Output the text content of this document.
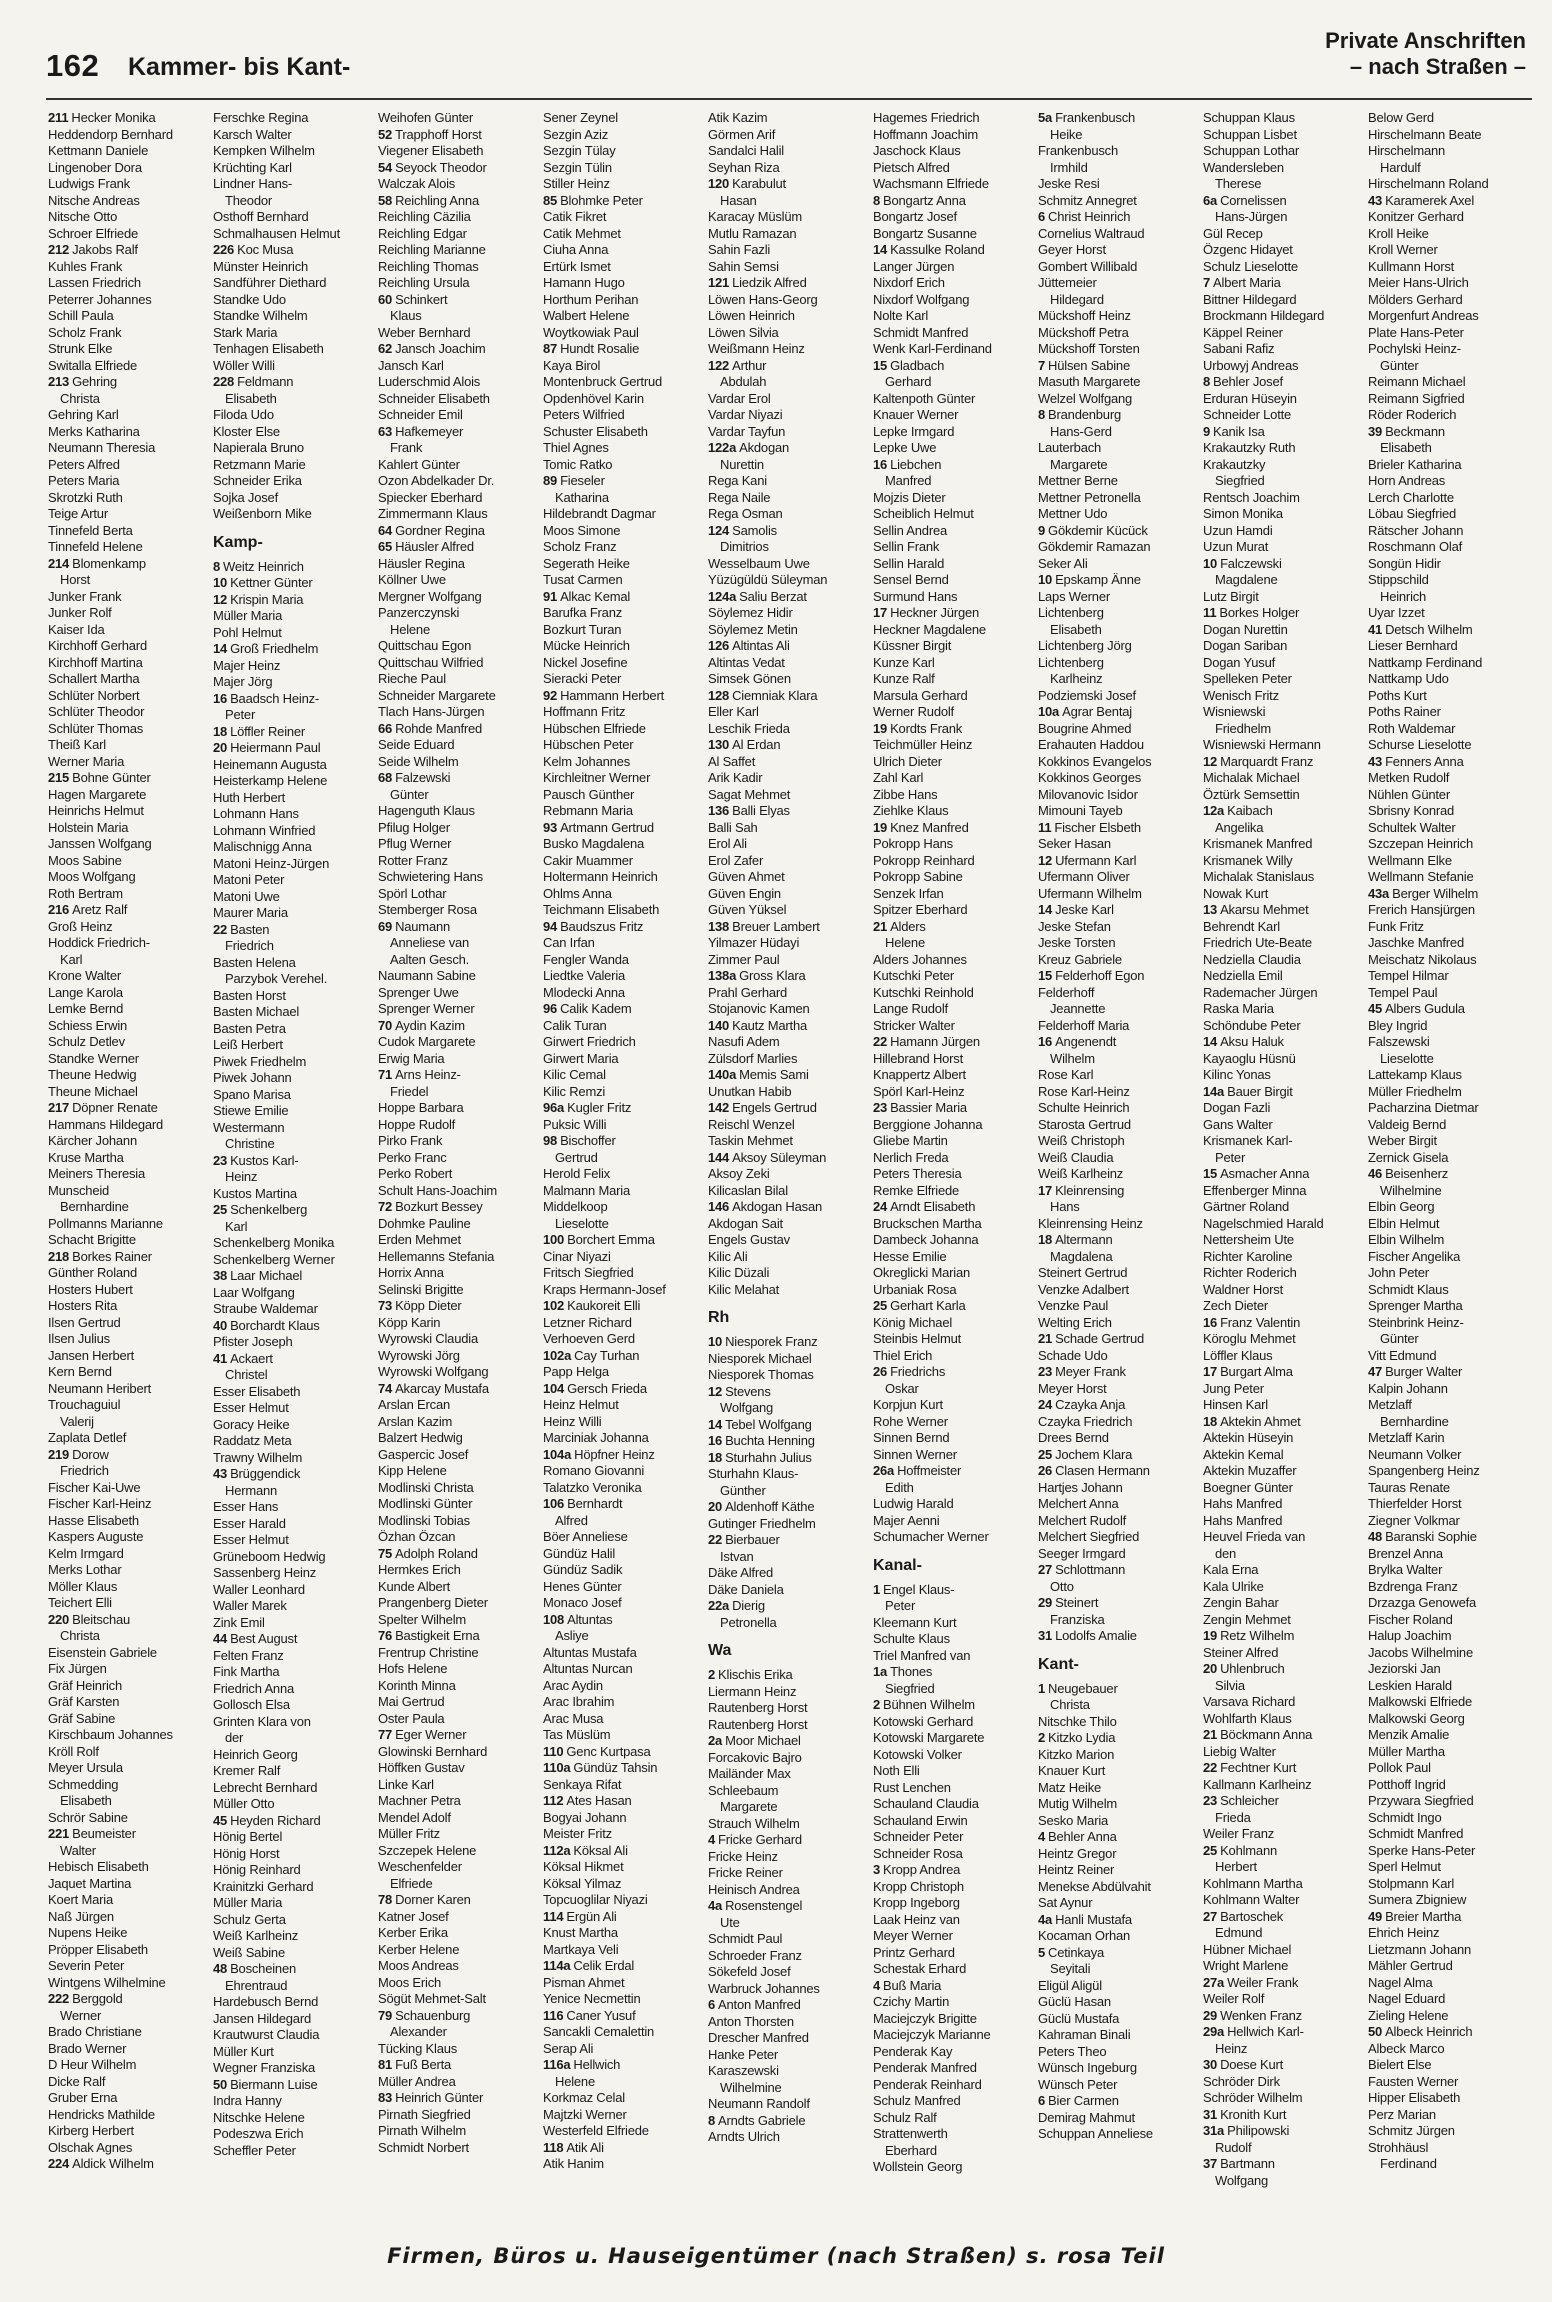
162 Kammer- bis Kant-
Private Anschriften
– nach Straßen –
211 Hecker Monika
Heddendorp Bernhard
Kettmann Daniele
Lingenober Dora
Ludwigs Frank
Nitsche Andreas
Nitsche Otto
Schroer Elfriede
212 Jakobs Ralf
Kuhles Frank
Lassen Friedrich
Peterrer Johannes
Schill Paula
Scholz Frank
Strunk Elke
Switalla Elfriede
213 Gehring
Christa
Gehring Karl
Merks Katharina
Neumann Theresia
Peters Alfred
Peters Maria
Skrotzki Ruth
Teige Artur
Tinnefeld Berta
Tinnefeld Helene
214 Blomenkamp
Horst
Junker Frank
Junker Rolf
Kaiser Ida
Kirchhoff Gerhard
Kirchhoff Martina
Schallert Martha
Schlüter Norbert
Schlüter Theodor
Schlüter Thomas
Theiß Karl
Werner Maria
215 Bohne Günter
Hagen Margarete
Heinrichs Helmut
Holstein Maria
Janssen Wolfgang
Moos Sabine
Moos Wolfgang
Roth Bertram
216 Aretz Ralf
Groß Heinz
Hoddick Friedrich-
Karl
Krone Walter
Lange Karola
Lemke Bernd
Schiess Erwin
Schulz Detlev
Standke Werner
Theune Hedwig
Theune Michael
217 Döpner Renate
Hammans Hildegard
Kärcher Johann
Kruse Martha
Meiners Theresia
Munscheid
Bernhardine
Pollmanns Marianne
Schacht Brigitte
218 Borkes Rainer
Günther Roland
Hosters Hubert
Hosters Rita
Ilsen Gertrud
Ilsen Julius
Jansen Herbert
Kern Bernd
Neumann Heribert
Trouchaguiul
Valerij
Zaplata Detlef
219 Dorow
Friedrich
Fischer Kai-Uwe
Fischer Karl-Heinz
Hasse Elisabeth
Kaspers Auguste
Kelm Irmgard
Merks Lothar
Möller Klaus
Teichert Elli
220 Bleitschau
Christa
Eisenstein Gabriele
Fix Jürgen
Gräf Heinrich
Gräf Karsten
Gräf Sabine
Kirschbaum Johannes
Kröll Rolf
Meyer Ursula
Schmedding
Elisabeth
Schrör Sabine
221 Beumeister
Walter
Hebisch Elisabeth
Jaquet Martina
Koert Maria
Naß Jürgen
Nupens Heike
Pröpper Elisabeth
Severin Peter
Wintgens Wilhelmine
222 Berggold
Werner
Brado Christiane
Brado Werner
D Heur Wilhelm
Dicke Ralf
Gruber Erna
Hendricks Mathilde
Kirberg Herbert
Olschak Agnes
224 Aldick Wilhelm
Ferschke Regina
Karsch Walter
Kempken Wilhelm
Krüchting Karl
Lindner Hans-
Theodor
Osthoff Bernhard
Schmalhausen Helmut
226 Koc Musa
Münster Heinrich
Sandführer Diethard
Standke Udo
Standke Wilhelm
Stark Maria
Tenhagen Elisabeth
Wöller Willi
228 Feldmann
Elisabeth
Filoda Udo
Kloster Else
Napierala Bruno
Retzmann Marie
Schneider Erika
Sojka Josef
Weißenborn Mike
Kamp-
8 Weitz Heinrich
10 Kettner Günter
12 Krispin Maria
Müller Maria
Pohl Helmut
14 Groß Friedhelm
Majer Heinz
Majer Jörg
16 Baadsch Heinz-
Peter
18 Löffler Reiner
20 Heiermann Paul
Heinemann Augusta
Heisterkamp Helene
Huth Herbert
Lohmann Hans
Lohmann Winfried
Malischnigg Anna
Matoni Heinz-Jürgen
Matoni Peter
Matoni Uwe
Maurer Maria
22 Basten
Friedrich
Basten Helena
Parzybok Verehel.
Basten Horst
Basten Michael
Basten Petra
Leiß Herbert
Piwek Friedhelm
Piwek Johann
Spano Marisa
Stiewe Emilie
Westermann
Christine
23 Kustos Karl-
Heinz
Kustos Martina
25 Schenkelberg
Karl
Schenkelberg Monika
Schenkelberg Werner
38 Laar Michael
Laar Wolfgang
Straube Waldemar
40 Borchardt Klaus
Pfister Joseph
41 Ackaert
Christel
Esser Elisabeth
Esser Helmut
Goracy Heike
Raddatz Meta
Trawny Wilhelm
43 Brüggendick
Hermann
Esser Hans
Esser Harald
Esser Helmut
Grüneboom Hedwig
Sassenberg Heinz
Waller Leonhard
Waller Marek
Zink Emil
44 Best August
Felten Franz
Fink Martha
Friedrich Anna
Gollosch Elsa
Grinten Klara von
der
Heinrich Georg
Kremer Ralf
Lebrecht Bernhard
Müller Otto
45 Heyden Richard
Hönig Bertel
Hönig Horst
Hönig Reinhard
Krainitzki Gerhard
Müller Maria
Schulz Gerta
Weiß Karlheinz
Weiß Sabine
48 Boscheinen
Ehrentraud
Hardebusch Bernd
Jansen Hildegard
Krautwurst Claudia
Müller Kurt
Wegner Franziska
50 Biermann Luise
Indra Hanny
Nitschke Helene
Podeszwa Erich
Scheffler Peter
Weihofen Günter
52 Trapphoff Horst
Viegener Elisabeth
54 Seyock Theodor
Walczak Alois
58 Reichling Anna
Reichling Cäzilia
Reichling Edgar
Reichling Marianne
Reichling Thomas
Reichling Ursula
60 Schinkert
Klaus
Weber Bernhard
62 Jansch Joachim
Jansch Karl
Luderschmid Alois
Schneider Elisabeth
Schneider Emil
63 Hafkemeyer
Frank
Kahlert Günter
Ozon Abdelkader Dr.
Spiecker Eberhard
Zimmermann Klaus
64 Gordner Regina
65 Häusler Alfred
Häusler Regina
Köllner Uwe
Mergner Wolfgang
Panzerczynski
Helene
Quittschau Egon
Quittschau Wilfried
Rieche Paul
Schneider Margarete
Tlach Hans-Jürgen
66 Rohde Manfred
Seide Eduard
Seide Wilhelm
68 Falzewski
Günter
Hagenguth Klaus
Pfilug Holger
Pflug Werner
Rotter Franz
Schwietering Hans
Spörl Lothar
Stemberger Rosa
69 Naumann
Anneliese van
Aalten Gesch.
Naumann Sabine
Sprenger Uwe
Sprenger Werner
70 Aydin Kazim
Cudok Margarete
Erwig Maria
71 Arns Heinz-
Friedel
Hoppe Barbara
Hoppe Rudolf
Pirko Frank
Perko Franc
Perko Robert
Schult Hans-Joachim
72 Bozkurt Bessey
Dohmke Pauline
Erden Mehmet
Hellemanns Stefania
Horrix Anna
Selinski Brigitte
73 Köpp Dieter
Köpp Karin
Wyrowski Claudia
Wyrowski Jörg
Wyrowski Wolfgang
74 Akarcay Mustafa
Arslan Ercan
Arslan Kazim
Balzert Hedwig
Gaspercic Josef
Kipp Helene
Modlinski Christa
Modlinski Günter
Modlinski Tobias
Özhan Özcan
75 Adolph Roland
Hermkes Erich
Kunde Albert
Prangenberg Dieter
Spelter Wilhelm
76 Bastigkeit Erna
Frentrup Christine
Hofs Helene
Korinth Minna
Mai Gertrud
Oster Paula
77 Eger Werner
Glowinski Bernhard
Höffken Gustav
Linke Karl
Machner Petra
Mendel Adolf
Müller Fritz
Szczepek Helene
Weschenfelder
Elfriede
78 Dorner Karen
Katner Josef
Kerber Erika
Kerber Helene
Moos Andreas
Moos Erich
Sögüt Mehmet-Salt
79 Schauenburg
Alexander
Tücking Klaus
81 Fuß Berta
Müller Andrea
83 Heinrich Günter
Pirnath Siegfried
Pirnath Wilhelm
Schmidt Norbert
Sener Zeynel
Sezgin Aziz
Sezgin Tülay
Sezgin Tülin
Stiller Heinz
85 Blohmke Peter
Catik Fikret
Catik Mehmet
Ciuha Anna
Ertürk Ismet
Hamann Hugo
Horthum Perihan
Walbert Helene
Woytkowiak Paul
87 Hundt Rosalie
Kaya Birol
Montenbruck Gertrud
Opdenhövel Karin
Peters Wilfried
Schuster Elisabeth
Thiel Agnes
Tomic Ratko
89 Fieseler
Katharina
Hildebrandt Dagmar
Moos Simone
Scholz Franz
Segerath Heike
Tusat Carmen
91 Alkac Kemal
Barufka Franz
Bozkurt Turan
Mücke Heinrich
Nickel Josefine
Sieracki Peter
92 Hammann Herbert
Hoffmann Fritz
Hübschen Elfriede
Hübschen Peter
Kelm Johannes
Kirchleitner Werner
Pausch Günther
Rebmann Maria
93 Artmann Gertrud
Busko Magdalena
Cakir Muammer
Holtermann Heinrich
Ohlms Anna
Teichmann Elisabeth
94 Baudszus Fritz
Can Irfan
Fengler Wanda
Liedtke Valeria
Mlodecki Anna
96 Calik Kadem
Calik Turan
Girwert Friedrich
Girwert Maria
Kilic Cemal
Kilic Remzi
96a Kugler Fritz
Puksic Willi
98 Bischoffer
Gertrud
Herold Felix
Malmann Maria
Middelkoop
Lieselotte
100 Borchert Emma
Cinar Niyazi
Fritsch Siegfried
Kraps Hermann-Josef
102 Kaukoreit Elli
Letzner Richard
Verhoeven Gerd
102a Cay Turhan
Papp Helga
104 Gersch Frieda
Heinz Helmut
Heinz Willi
Marciniak Johanna
104a Höpfner Heinz
Romano Giovanni
Talatzko Veronika
106 Bernhardt
Alfred
Böer Anneliese
Gündüz Halil
Gündüz Sadik
Henes Günter
Monaco Josef
108 Altuntas
Asliye
Altuntas Mustafa
Altuntas Nurcan
Arac Aydin
Arac Ibrahim
Arac Musa
Tas Müslüm
110 Genc Kurtpasa
110a Gündüz Tahsin
Senkaya Rifat
112 Ates Hasan
Bogyai Johann
Meister Fritz
112a Köksal Ali
Köksal Hikmet
Köksal Yilmaz
Topcuoglilar Niyazi
114 Ergün Ali
Knust Martha
Martkaya Veli
114a Celik Erdal
Pisman Ahmet
Yenice Necmettin
116 Caner Yusuf
Sancakli Cemalettin
Serap Ali
116a Hellwich
Helene
Korkmaz Celal
Majtzki Werner
Westerfeld Elfriede
118 Atik Ali
Atik Hanim
Atik Kazim
Görmen Arif
Sandalci Halil
Seyhan Riza
120 Karabulut
Hasan
Karacay Müslüm
Mutlu Ramazan
Sahin Fazli
Sahin Semsi
121 Liedzik Alfred
Löwen Hans-Georg
Löwen Heinrich
Löwen Silvia
Weißmann Heinz
122 Arthur
Abdulah
Vardar Erol
Vardar Niyazi
Vardar Tayfun
122a Akdogan
Nurettin
Rega Kani
Rega Naile
Rega Osman
124 Samolis
Dimitrios
Wesselbaum Uwe
Yüzügüldü Süleyman
124a Saliu Berzat
Söylemez Hidir
Söylemez Metin
126 Altintas Ali
Altintas Vedat
Simsek Gönen
128 Ciemniak Klara
Eller Karl
Leschik Frieda
130 Al Erdan
Al Saffet
Arik Kadir
Sagat Mehmet
136 Balli Elyas
Balli Sah
Erol Ali
Erol Zafer
Güven Ahmet
Güven Engin
Güven Yüksel
138 Breuer Lambert
Yilmazer Hüdayi
Zimmer Paul
138a Gross Klara
Prahl Gerhard
Stojanovic Kamen
140 Kautz Martha
Nasufi Adem
Zülsdorf Marlies
140a Memis Sami
Unutkan Habib
142 Engels Gertrud
Reischl Wenzel
Taskin Mehmet
144 Aksoy Süleyman
Aksoy Zeki
Kilicaslan Bilal
146 Akdogan Hasan
Akdogan Sait
Engels Gustav
Kilic Ali
Kilic Düzali
Kilic Melahat
Rh
10 Niesporek Franz
Niesporek Michael
Niesporek Thomas
12 Stevens
Wolfgang
14 Tebel Wolfgang
16 Buchta Henning
18 Sturhahn Julius
Sturhahn Klaus-
Günther
20 Aldenhoff Käthe
Gutinger Friedhelm
22 Bierbauer
Istvan
Däke Alfred
Däke Daniela
22a Dierig
Petronella
Wa
2 Klischis Erika
Liermann Heinz
Rautenberg Horst
Rautenberg Horst
2a Moor Michael
Forcakovic Bajro
Mailänder Max
Schleebaum
Margarete
Strauch Wilhelm
4 Fricke Gerhard
Fricke Heinz
Fricke Reiner
Heinisch Andrea
4a Rosenstengel
Ute
Schmidt Paul
Schroeder Franz
Sökefeld Josef
Warbruck Johannes
6 Anton Manfred
Anton Thorsten
Drescher Manfred
Hanke Peter
Karaszewski
Wilhelmine
Neumann Randolf
8 Arndts Gabriele
Arndts Ulrich
Hagemes Friedrich
Hoffmann Joachim
Jaschock Klaus
Pietsch Alfred
Wachsmann Elfriede
8 Bongartz Anna
Bongartz Josef
Bongartz Susanne
14 Kassulke Roland
Langer Jürgen
Nixdorf Erich
Nixdorf Wolfgang
Nolte Karl
Schmidt Manfred
Wenk Karl-Ferdinand
15 Gladbach
Gerhard
Kaltenpoth Günter
Knauer Werner
Lepke Irmgard
Lepke Uwe
16 Liebchen
Manfred
Mojzis Dieter
Scheiblich Helmut
Sellin Andrea
Sellin Frank
Sellin Harald
Sensel Bernd
Surmund Hans
17 Heckner Jürgen
Heckner Magdalene
Küssner Birgit
Kunze Karl
Kunze Ralf
Marsula Gerhard
Werner Rudolf
19 Kordts Frank
Teichmüller Heinz
Ulrich Dieter
Zahl Karl
Zibbe Hans
Ziehlke Klaus
19 Knez Manfred
Pokropp Hans
Pokropp Reinhard
Pokropp Sabine
Senzek Irfan
Spitzer Eberhard
21 Alders
Helene
Alders Johannes
Kutschki Peter
Kutschki Reinhold
Lange Rudolf
Stricker Walter
22 Hamann Jürgen
Hillebrand Horst
Knappertz Albert
Spörl Karl-Heinz
23 Bassier Maria
Berggione Johanna
Gliebe Martin
Nerlich Freda
Peters Theresia
Remke Elfriede
24 Arndt Elisabeth
Bruckschen Martha
Dambeck Johanna
Hesse Emilie
Okreglicki Marian
Urbaniak Rosa
25 Gerhart Karla
König Michael
Steinbis Helmut
Thiel Erich
26 Friedrichs
Oskar
Korpjun Kurt
Rohe Werner
Sinnen Bernd
Sinnen Werner
26a Hoffmeister
Edith
Ludwig Harald
Majer Aenni
Schumacher Werner
Kanal-
1 Engel Klaus-
Peter
Kleemann Kurt
Schulte Klaus
Triel Manfred van
1a Thones
Siegfried
2 Bühnen Wilhelm
Kotowski Gerhard
Kotowski Margarete
Kotowski Volker
Noth Elli
Rust Lenchen
Schauland Claudia
Schauland Erwin
Schneider Peter
Schneider Rosa
3 Kropp Andrea
Kropp Christoph
Kropp Ingeborg
Laak Heinz van
Meyer Werner
Printz Gerhard
Schestak Erhard
4 Buß Maria
Czichy Martin
Maciejczyk Brigitte
Maciejczyk Marianne
Penderak Kay
Penderak Manfred
Penderak Reinhard
Schulz Manfred
Schulz Ralf
Strattenwerth
Eberhard
Wollstein Georg
5a Frankenbusch
Heike
Frankenbusch
Irmhild
Jeske Resi
Schmitz Annegret
6 Christ Heinrich
Cornelius Waltraud
Geyer Horst
Gombert Willibald
Jüttemeier
Hildegard
Mückshoff Heinz
Mückshoff Petra
Mückshoff Torsten
7 Hülsen Sabine
Masuth Margarete
Welzel Wolfgang
8 Brandenburg
Hans-Gerd
Lauterbach
Margarete
Mettner Berne
Mettner Petronella
Mettner Udo
9 Gökdemir Kücück
Gökdemir Ramazan
Seker Ali
10 Epskamp Änne
Laps Werner
Lichtenberg
Elisabeth
Lichtenberg Jörg
Lichtenberg
Karlheinz
Podziemski Josef
10a Agrar Bentaj
Bougrine Ahmed
Erahauten Haddou
Kokkinos Evangelos
Kokkinos Georges
Milovanovic Isidor
Mimouni Tayeb
11 Fischer Elsbeth
Seker Hasan
12 Ufermann Karl
Ufermann Oliver
Ufermann Wilhelm
14 Jeske Karl
Jeske Stefan
Jeske Torsten
Kreuz Gabriele
15 Felderhoff Egon
Felderhoff
Jeannette
Felderhoff Maria
16 Angenendt
Wilhelm
Rose Karl
Rose Karl-Heinz
Schulte Heinrich
Starosta Gertrud
Weiß Christoph
Weiß Claudia
Weiß Karlheinz
17 Kleinrensing
Hans
Kleinrensing Heinz
18 Altermann
Magdalena
Steinert Gertrud
Venzke Adalbert
Venzke Paul
Welting Erich
21 Schade Gertrud
Schade Udo
23 Meyer Frank
Meyer Horst
24 Czayka Anja
Czayka Friedrich
Drees Bernd
25 Jochem Klara
26 Clasen Hermann
Hartjes Johann
Melchert Anna
Melchert Rudolf
Melchert Siegfried
Seeger Irmgard
27 Schlottmann
Otto
29 Steinert
Franziska
31 Lodolfs Amalie
Kant-
1 Neugebauer
Christa
Nitschke Thilo
2 Kitzko Lydia
Kitzko Marion
Knauer Kurt
Matz Heike
Mutig Wilhelm
Sesko Maria
4 Behler Anna
Heintz Gregor
Heintz Reiner
Menekse Abdülvahit
Sat Aynur
4a Hanli Mustafa
Kocaman Orhan
5 Cetinkaya
Seyitali
Eligül Aligül
Güclü Hasan
Güclü Mustafa
Kahraman Binali
Peters Theo
Wünsch Ingeburg
Wünsch Peter
6 Bier Carmen
Demirag Mahmut
Schuppan Anneliese
Schuppan Klaus
Schuppan Lisbet
Schuppan Lothar
Wandersleben
Therese
6a Cornelissen
Hans-Jürgen
Gül Recep
Özgenc Hidayet
Schulz Lieselotte
7 Albert Maria
Bittner Hildegard
Brockmann Hildegard
Käppel Reiner
Sabani Rafiz
Urbowyj Andreas
8 Behler Josef
Erduran Hüseyin
Schneider Lotte
9 Kanik Isa
Krakautzky Ruth
Krakautzky
Siegfried
Rentsch Joachim
Simon Monika
Uzun Hamdi
Uzun Murat
10 Falczewski
Magdalene
Lutz Birgit
11 Borkes Holger
Dogan Nurettin
Dogan Sariban
Dogan Yusuf
Spelleken Peter
Wenisch Fritz
Wisniewski
Friedhelm
Wisniewski Hermann
12 Marquardt Franz
Michalak Michael
Öztürk Semsettin
12a Kaibach
Angelika
Krismanek Manfred
Krismanek Willy
Michalak Stanislaus
Nowak Kurt
13 Akarsu Mehmet
Behrendt Karl
Friedrich Ute-Beate
Nedziella Claudia
Nedziella Emil
Rademacher Jürgen
Raska Maria
Schöndube Peter
14 Aksu Haluk
Kayaoglu Hüsnü
Kilinc Yonas
14a Bauer Birgit
Dogan Fazli
Gans Walter
Krismanek Karl-
Peter
15 Asmacher Anna
Effenberger Minna
Gärtner Roland
Nagelschmied Harald
Nettersheim Ute
Richter Karoline
Richter Roderich
Waldner Horst
Zech Dieter
16 Franz Valentin
Köroglu Mehmet
Löffler Klaus
17 Burgart Alma
Jung Peter
Hinsen Karl
18 Aktekin Ahmet
Aktekin Hüseyin
Aktekin Kemal
Aktekin Muzaffer
Boegner Günter
Hahs Manfred
Hahs Manfred
Heuvel Frieda van
den
Kala Erna
Kala Ulrike
Zengin Bahar
Zengin Mehmet
19 Retz Wilhelm
Steiner Alfred
20 Uhlenbruch
Silvia
Varsava Richard
Wohlfarth Klaus
21 Böckmann Anna
Liebig Walter
22 Fechtner Kurt
Kallmann Karlheinz
23 Schleicher
Frieda
Weiler Franz
25 Kohlmann
Herbert
Kohlmann Martha
Kohlmann Walter
27 Bartoschek
Edmund
Hübner Michael
Wright Marlene
27a Weiler Frank
Weiler Rolf
29 Wenken Franz
29a Hellwich Karl-
Heinz
30 Doese Kurt
Schröder Dirk
Schröder Wilhelm
31 Kronith Kurt
31a Philipowski
Rudolf
37 Bartmann
Wolfgang
Below Gerd
Hirschelmann Beate
Hirschelmann
Hardulf
Hirschelmann Roland
43 Karamerek Axel
Konitzer Gerhard
Kroll Heike
Kroll Werner
Kullmann Horst
Meier Hans-Ulrich
Mölders Gerhard
Morgenfurt Andreas
Plate Hans-Peter
Pochylski Heinz-
Günter
Reimann Michael
Reimann Sigfried
Röder Roderich
39 Beckmann
Elisabeth
Brieler Katharina
Horn Andreas
Lerch Charlotte
Löbau Siegfried
Rätscher Johann
Roschmann Olaf
Songün Hidir
Stippschild
Heinrich
Uyar Izzet
41 Detsch Wilhelm
Lieser Bernhard
Nattkamp Ferdinand
Nattkamp Udo
Poths Kurt
Poths Rainer
Roth Waldemar
Schurse Lieselotte
43 Fenners Anna
Metken Rudolf
Nühlen Günter
Sbrisny Konrad
Schultek Walter
Szczepan Heinrich
Wellmann Elke
Wellmann Stefanie
43a Berger Wilhelm
Frerich Hansjürgen
Funk Fritz
Jaschke Manfred
Meischatz Nikolaus
Tempel Hilmar
Tempel Paul
45 Albers Gudula
Bley Ingrid
Falszewski
Lieselotte
Lattekamp Klaus
Müller Friedhelm
Pacharzina Dietmar
Valdeig Bernd
Weber Birgit
Zernick Gisela
46 Beisenherz
Wilhelmine
Elbin Georg
Elbin Helmut
Elbin Wilhelm
Fischer Angelika
John Peter
Schmidt Klaus
Sprenger Martha
Steinbrink Heinz-
Günter
Vitt Edmund
47 Burger Walter
Kalpin Johann
Metzlaff
Bernhardine
Metzlaff Karin
Neumann Volker
Spangenberg Heinz
Tauras Renate
Thierfelder Horst
Ziegner Volkmar
48 Baranski Sophie
Brenzel Anna
Brylka Walter
Bzdrenga Franz
Drzazga Genowefa
Fischer Roland
Halup Joachim
Jacobs Wilhelmine
Jeziorski Jan
Leskien Harald
Malkowski Elfriede
Malkowski Georg
Menzik Amalie
Müller Martha
Pollok Paul
Potthoff Ingrid
Przywara Siegfried
Schmidt Ingo
Schmidt Manfred
Sperke Hans-Peter
Sperl Helmut
Stolpmann Karl
Sumera Zbigniew
49 Breier Martha
Ehrich Heinz
Lietzmann Johann
Mähler Gertrud
Nagel Alma
Nagel Eduard
Zieling Helene
50 Albeck Heinrich
Albeck Marco
Bielert Else
Fausten Werner
Hipper Elisabeth
Perz Marian
Schmitz Jürgen
Strohhäusl
Ferdinand
Firmen, Büros u. Hauseigentümer (nach Straßen) s. rosa Teil
